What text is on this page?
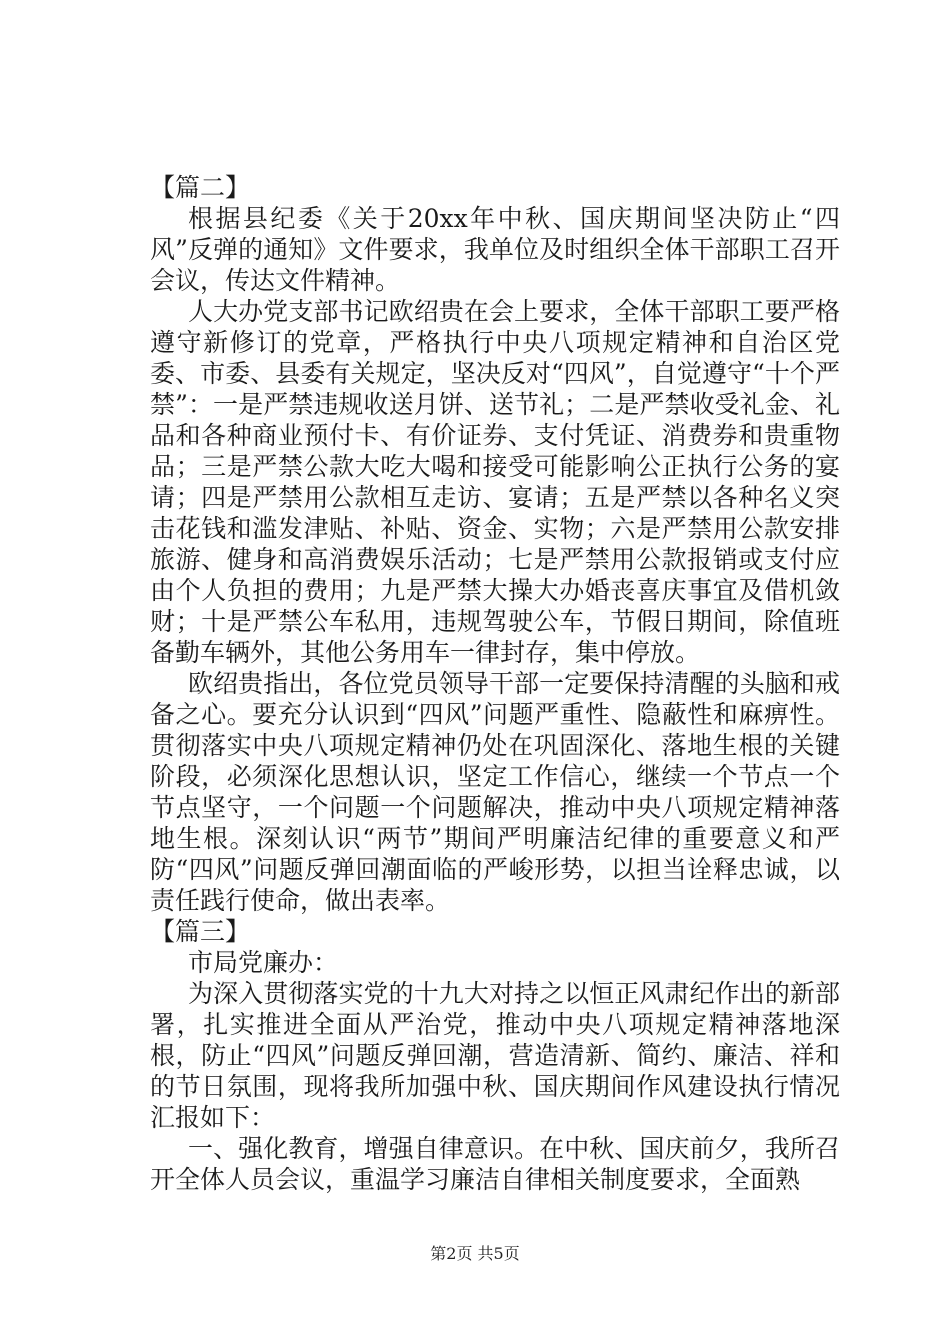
【篇二】

根据县纪委《关于20xx年中秋、国庆期间坚决防止“四风”反弹的通知》文件要求，我单位及时组织全体干部职工召开会议，传达文件精神。

人大办党支部书记欧绍贵在会上要求，全体干部职工要严格遵守新修订的党章，严格执行中央八项规定精神和自治区党委、市委、县委有关规定，坚决反对“四风”，自觉遵守“十个严禁”：一是严禁违规收送月饼、送节礼；二是严禁收受礼金、礼品和各种商业预付卡、有价证券、支付凭证、消费券和贵重物品；三是严禁公款大吃大喝和接受可能影响公正执行公务的宴请；四是严禁用公款相互走访、宴请；五是严禁以各种名义突击花钱和滥发津贴、补贴、资金、实物；六是严禁用公款安排旅游、健身和高消费娱乐活动；七是严禁用公款报销或支付应由个人负担的费用；九是严禁大操大办婚丧喜庆事宜及借机敛财；十是严禁公车私用，违规驾驶公车，节假日期间，除值班备勤车辆外，其他公务用车一律封存，集中停放。

欧绍贵指出，各位党员领导干部一定要保持清醒的头脑和戒备之心。要充分认识到“四风”问题严重性、隐蔽性和麻痹性。贯彻落实中央八项规定精神仍处在巩固深化、落地生根的关键阶段，必须深化思想认识，坚定工作信心，继续一个节点一个节点坚守，一个问题一个问题解决，推动中央八项规定精神落地生根。深刻认识“两节”期间严明廉洁纪律的重要意义和严防“四风”问题反弹回潮面临的严峻形势，以担当诠释忠诚，以责任践行使命，做出表率。

【篇三】

市局党廉办：

为深入贯彻落实党的十九大对持之以恒正风肃纪作出的新部署，扎实推进全面从严治党，推动中央八项规定精神落地深根，防止“四风”问题反弹回潮，营造清新、简约、廉洁、祥和的节日氛围，现将我所加强中秋、国庆期间作风建设执行情况汇报如下：

一、强化教育，增强自律意识。在中秋、国庆前夕，我所召开全体人员会议，重温学习廉洁自律相关制度要求，全面熟

第2页 共5页
